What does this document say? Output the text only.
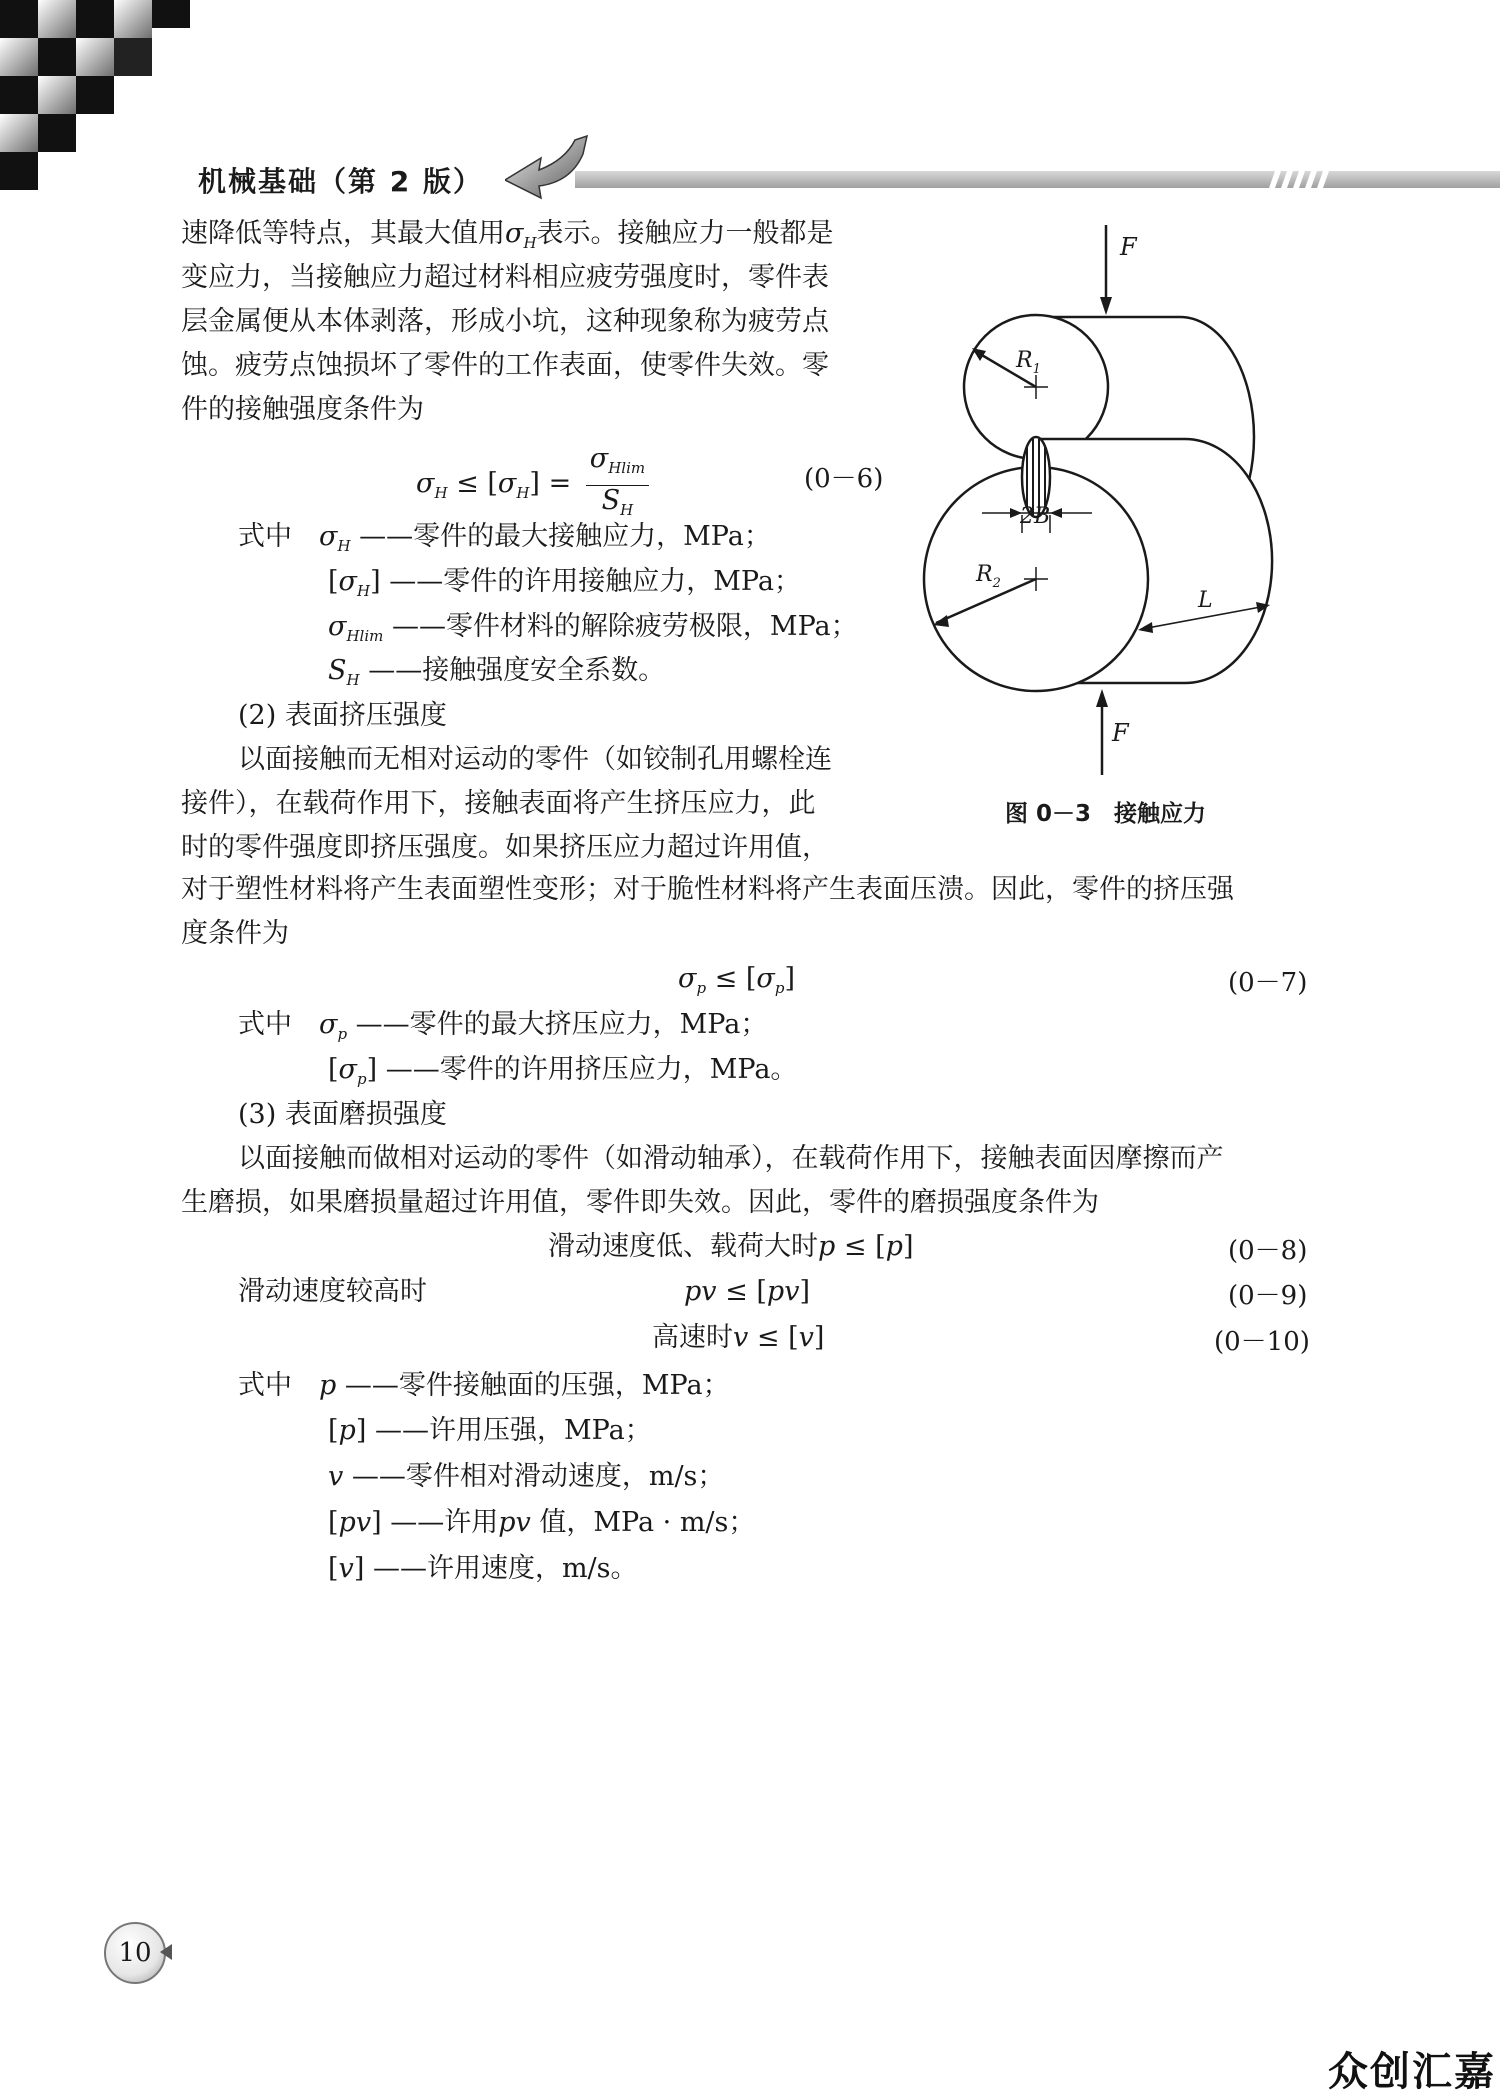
机械基础（第 2 版）
速降低等特点，其最大值用$\sigma_H$表示。接触应力一般都是
变应力，当接触应力超过材料相应疲劳强度时，零件表
层金属便从本体剥落，形成小坑，这种现象称为疲劳点
蚀。疲劳点蚀损坏了零件的工作表面，使零件失效。零
件的接触强度条件为
$\sigma_H \le [\sigma_H] = \frac{\sigma_{Hlim}}{S_H}$	(0－6)
式中　 $\sigma_H$ ——零件的最大接触应力，MPa；
$[\sigma_H]$ ——零件的许用接触应力，MPa；
$\sigma_{Hlim}$ ——零件材料的解除疲劳极限，MPa；
$S_H$ ——接触强度安全系数。
(2) 表面挤压强度
以面接触而无相对运动的零件（如铰制孔用螺栓连
接件），在载荷作用下，接触表面将产生挤压应力，此
时的零件强度即挤压强度。如果挤压应力超过许用值，
对于塑性材料将产生表面塑性变形；对于脆性材料将产生表面压溃。因此，零件的挤压强
度条件为
$\sigma_p \le [\sigma_p]$	(0－7)
式中　 $\sigma_p$ ——零件的最大挤压应力，MPa；
$[\sigma_p]$ ——零件的许用挤压应力，MPa。
(3) 表面磨损强度
以面接触而做相对运动的零件（如滑动轴承），在载荷作用下，接触表面因摩擦而产
生磨损，如果磨损量超过许用值，零件即失效。因此，零件的磨损强度条件为
滑动速度低、载荷大时p ≤ [p]	(0－8)
滑动速度较高时	pv ≤ [pv]	(0－9)
高速时v ≤ [v]	(0－10)
式中　 p ——零件接触面的压强，MPa；
[p] ——许用压强，MPa；
v ——零件相对滑动速度，m/s；
[pv] ——许用pv 值，MPa · m/s；
[v] ——许用速度，m/s。
F
$R_1$
$R_2$
2B
L
F
图 0－3　接触应力
10
众创汇嘉
